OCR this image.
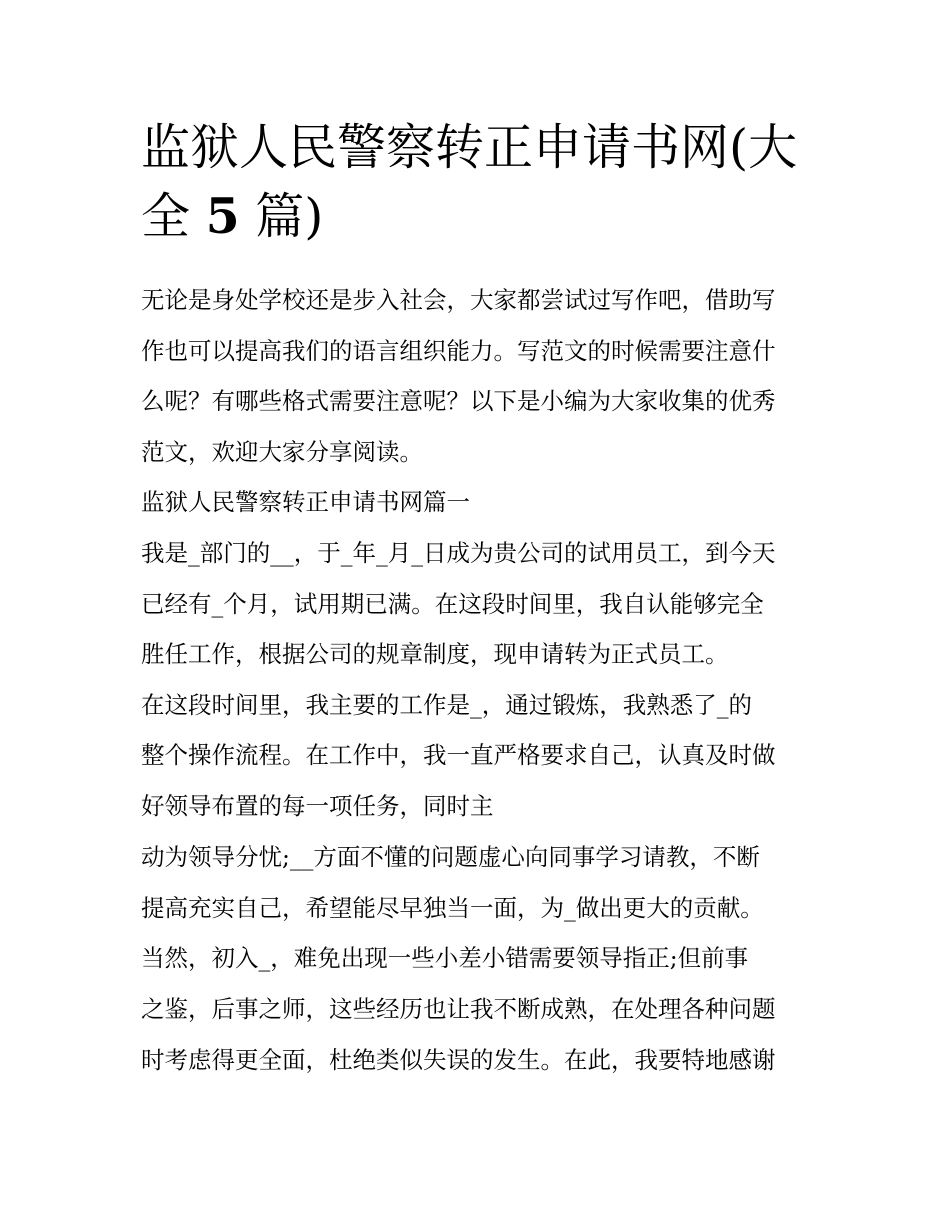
监狱人民警察转正申请书网(大
全 5 篇)
无论是身处学校还是步入社会，大家都尝试过写作吧，借助写
作也可以提高我们的语言组织能力。写范文的时候需要注意什
么呢？有哪些格式需要注意呢？以下是小编为大家收集的优秀
范文，欢迎大家分享阅读。
监狱人民警察转正申请书网篇一
我是_部门的__，于_年_月_日成为贵公司的试用员工，到今天
已经有_个月，试用期已满。在这段时间里，我自认能够完全
胜任工作，根据公司的规章制度，现申请转为正式员工。
在这段时间里，我主要的工作是_，通过锻炼，我熟悉了_的
整个操作流程。在工作中，我一直严格要求自己，认真及时做
好领导布置的每一项任务，同时主
动为领导分忧;__方面不懂的问题虚心向同事学习请教，不断
提高充实自己，希望能尽早独当一面，为_做出更大的贡献。
当然，初入_，难免出现一些小差小错需要领导指正;但前事
之鉴，后事之师，这些经历也让我不断成熟，在处理各种问题
时考虑得更全面，杜绝类似失误的发生。在此，我要特地感谢
